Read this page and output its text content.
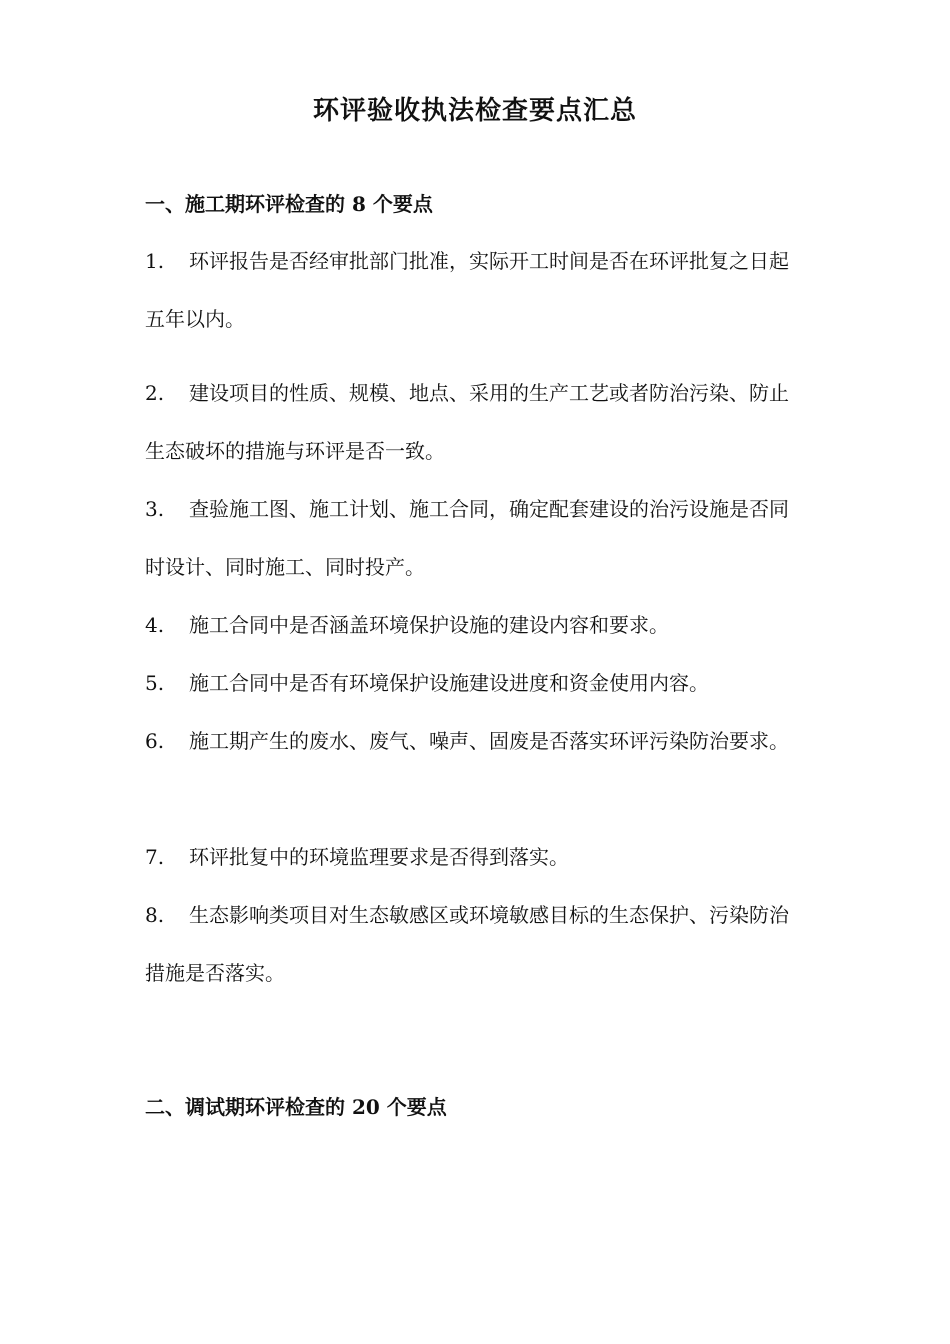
环评验收执法检查要点汇总
一、施工期环评检查的 8 个要点
1. 环评报告是否经审批部门批准，实际开工时间是否在环评批复之日起五年以内。
2. 建设项目的性质、规模、地点、采用的生产工艺或者防治污染、防止生态破坏的措施与环评是否一致。
3. 查验施工图、施工计划、施工合同，确定配套建设的治污设施是否同时设计、同时施工、同时投产。
4. 施工合同中是否涵盖环境保护设施的建设内容和要求。
5. 施工合同中是否有环境保护设施建设进度和资金使用内容。
6. 施工期产生的废水、废气、噪声、固废是否落实环评污染防治要求。
7. 环评批复中的环境监理要求是否得到落实。
8. 生态影响类项目对生态敏感区或环境敏感目标的生态保护、污染防治措施是否落实。
二、调试期环评检查的 20 个要点
